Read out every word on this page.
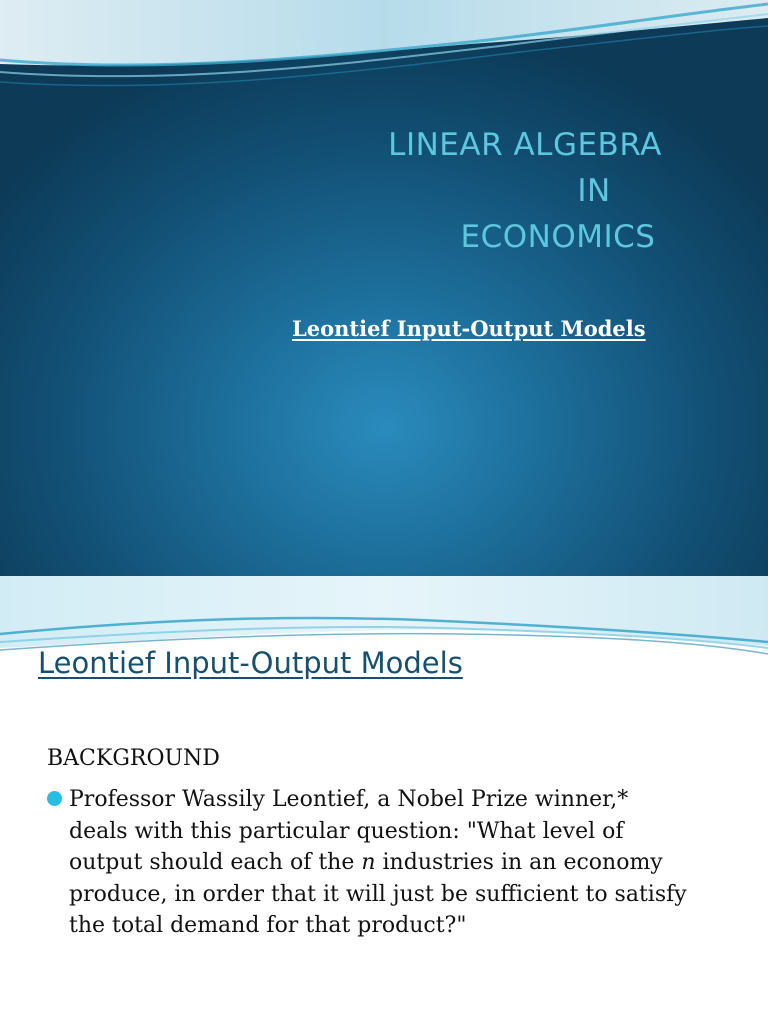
LINEAR ALGEBRA
IN
ECONOMICS
Leontief Input-Output Models
Leontief Input-Output Models
BACKGROUND

Professor Wassily Leontief, a Nobel Prize winner,*

deals with this particular question: "What level of

output should each of the n industries in an economy

produce, in order that it will just be sufficient to satisfy

the total demand for that product?"
